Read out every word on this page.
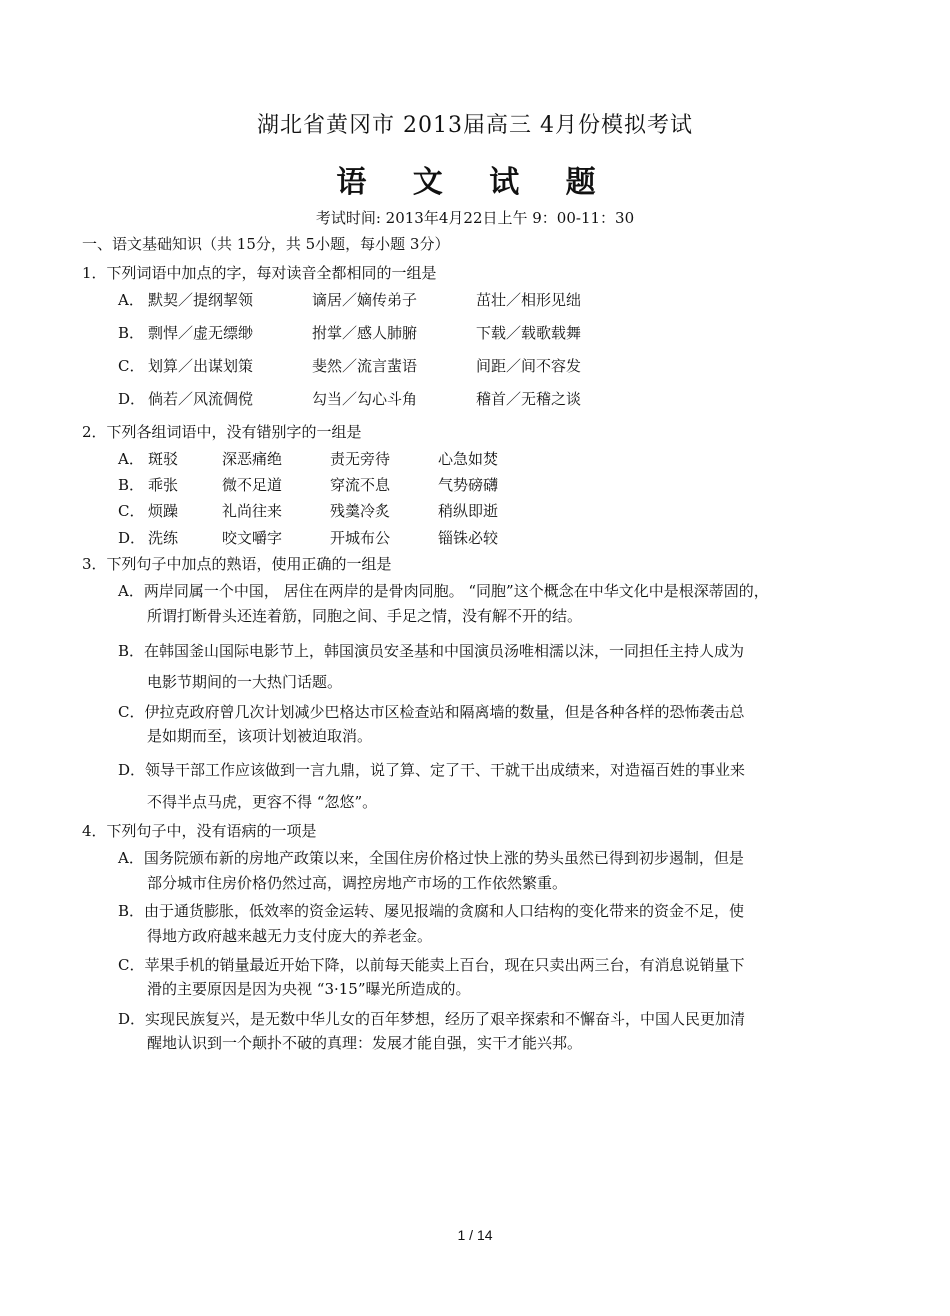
湖北省黄冈市 2013届高三 4月份模拟考试
语 文 试 题
考试时间: 2013年4月22日上午 9：00-11：30
一、语文基础知识（共 15分，共 5小题，每小题 3分）
1．下列词语中加点的字，每对读音全都相同的一组是
A． 默契／提纲挈领	谪居／嫡传弟子	茁壮／相形见绌
B． 剽悍／虚无缥缈	拊掌／感人肺腑	下载／载歌载舞
C． 划算／出谋划策	斐然／流言蜚语	间距／间不容发
D． 倘若／风流倜傥	勾当／勾心斗角	稽首／无稽之谈
2．下列各组词语中，没有错别字的一组是
A． 斑驳	深恶痛绝	责无旁待	心急如焚
B． 乖张	微不足道	穿流不息	气势磅礴
C． 烦躁	礼尚往来	残羹冷炙	稍纵即逝
D． 洗练	咬文嚼字	开城布公	锱铢必较
3．下列句子中加点的熟语，使用正确的一组是
A．两岸同属一个中国， 居住在两岸的是骨肉同胞。 “同胞”这个概念在中华文化中是根深蒂固的，
所谓打断骨头还连着筋，同胞之间、手足之情，没有解不开的结。
B．在韩国釜山国际电影节上，韩国演员安圣基和中国演员汤唯相濡以沫，一同担任主持人成为
电影节期间的一大热门话题。
C．伊拉克政府曾几次计划减少巴格达市区检查站和隔离墙的数量，但是各种各样的恐怖袭击总
是如期而至，该项计划被迫取消。
D．领导干部工作应该做到一言九鼎，说了算、定了干、干就干出成绩来，对造福百姓的事业来
不得半点马虎，更容不得 “忽悠”。
4．下列句子中，没有语病的一项是
A．国务院颁布新的房地产政策以来，全国住房价格过快上涨的势头虽然已得到初步遏制，但是
部分城市住房价格仍然过高，调控房地产市场的工作依然繁重。
B．由于通货膨胀，低效率的资金运转、屡见报端的贪腐和人口结构的变化带来的资金不足，使
得地方政府越来越无力支付庞大的养老金。
C．苹果手机的销量最近开始下降，以前每天能卖上百台，现在只卖出两三台，有消息说销量下
滑的主要原因是因为央视 “3·15”曝光所造成的。
D．实现民族复兴，是无数中华儿女的百年梦想，经历了艰辛探索和不懈奋斗，中国人民更加清
醒地认识到一个颠扑不破的真理：发展才能自强，实干才能兴邦。
1 / 14
